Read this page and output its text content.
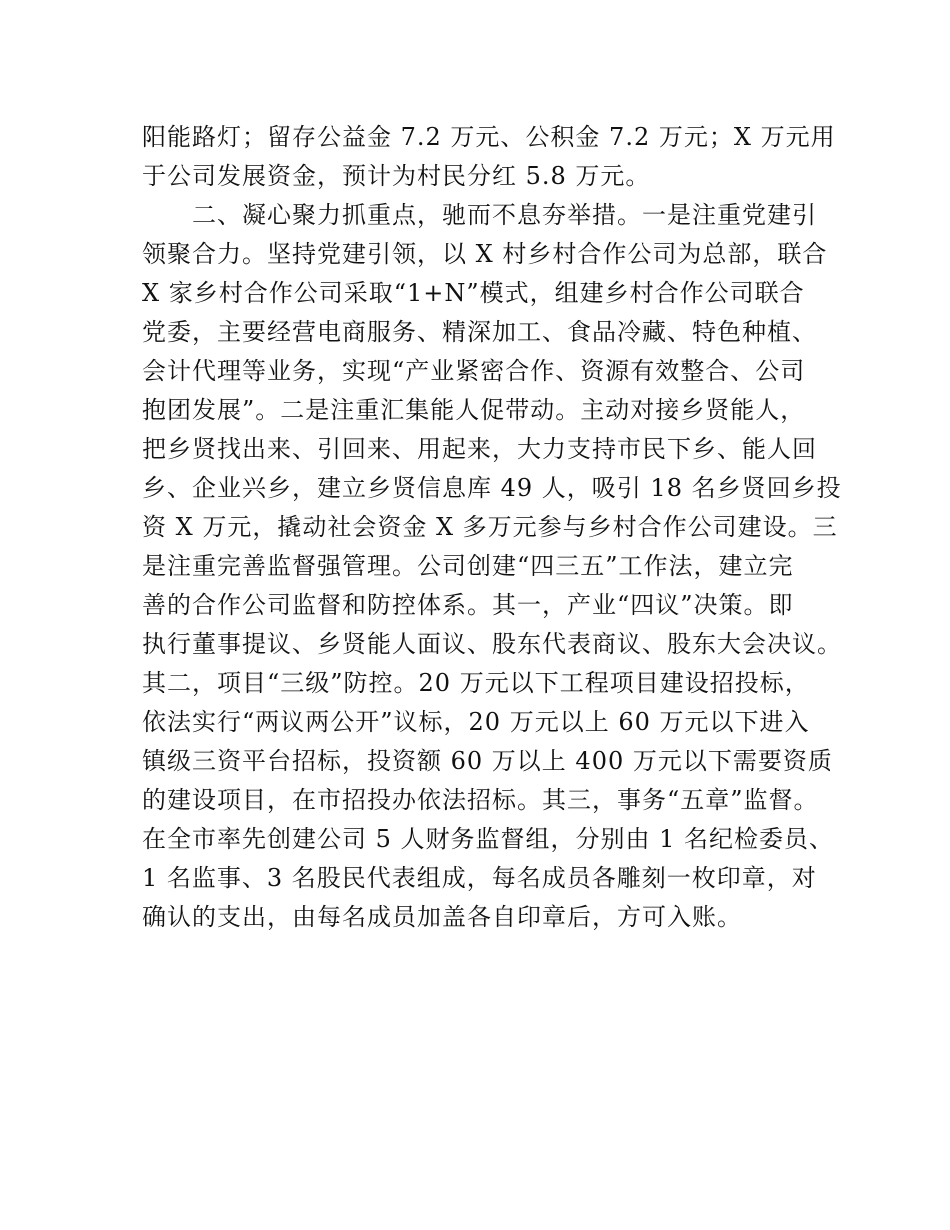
阳能路灯；留存公益金 7.2 万元、公积金 7.2 万元；X 万元用
于公司发展资金，预计为村民分红 5.8 万元。
　　二、凝心聚力抓重点，驰而不息夯举措。一是注重党建引
领聚合力。坚持党建引领，以 X 村乡村合作公司为总部，联合
X 家乡村合作公司采取“1+N”模式，组建乡村合作公司联合
党委，主要经营电商服务、精深加工、食品冷藏、特色种植、
会计代理等业务，实现“产业紧密合作、资源有效整合、公司
抱团发展”。二是注重汇集能人促带动。主动对接乡贤能人，
把乡贤找出来、引回来、用起来，大力支持市民下乡、能人回
乡、企业兴乡，建立乡贤信息库 49 人，吸引 18 名乡贤回乡投
资 X 万元，撬动社会资金 X 多万元参与乡村合作公司建设。三
是注重完善监督强管理。公司创建“四三五”工作法，建立完
善的合作公司监督和防控体系。其一，产业“四议”决策。即
执行董事提议、乡贤能人面议、股东代表商议、股东大会决议。
其二，项目“三级”防控。20 万元以下工程项目建设招投标，
依法实行“两议两公开”议标，20 万元以上 60 万元以下进入
镇级三资平台招标，投资额 60 万以上 400 万元以下需要资质
的建设项目，在市招投办依法招标。其三，事务“五章”监督。
在全市率先创建公司 5 人财务监督组，分别由 1 名纪检委员、
1 名监事、3 名股民代表组成，每名成员各雕刻一枚印章，对
确认的支出，由每名成员加盖各自印章后，方可入账。
